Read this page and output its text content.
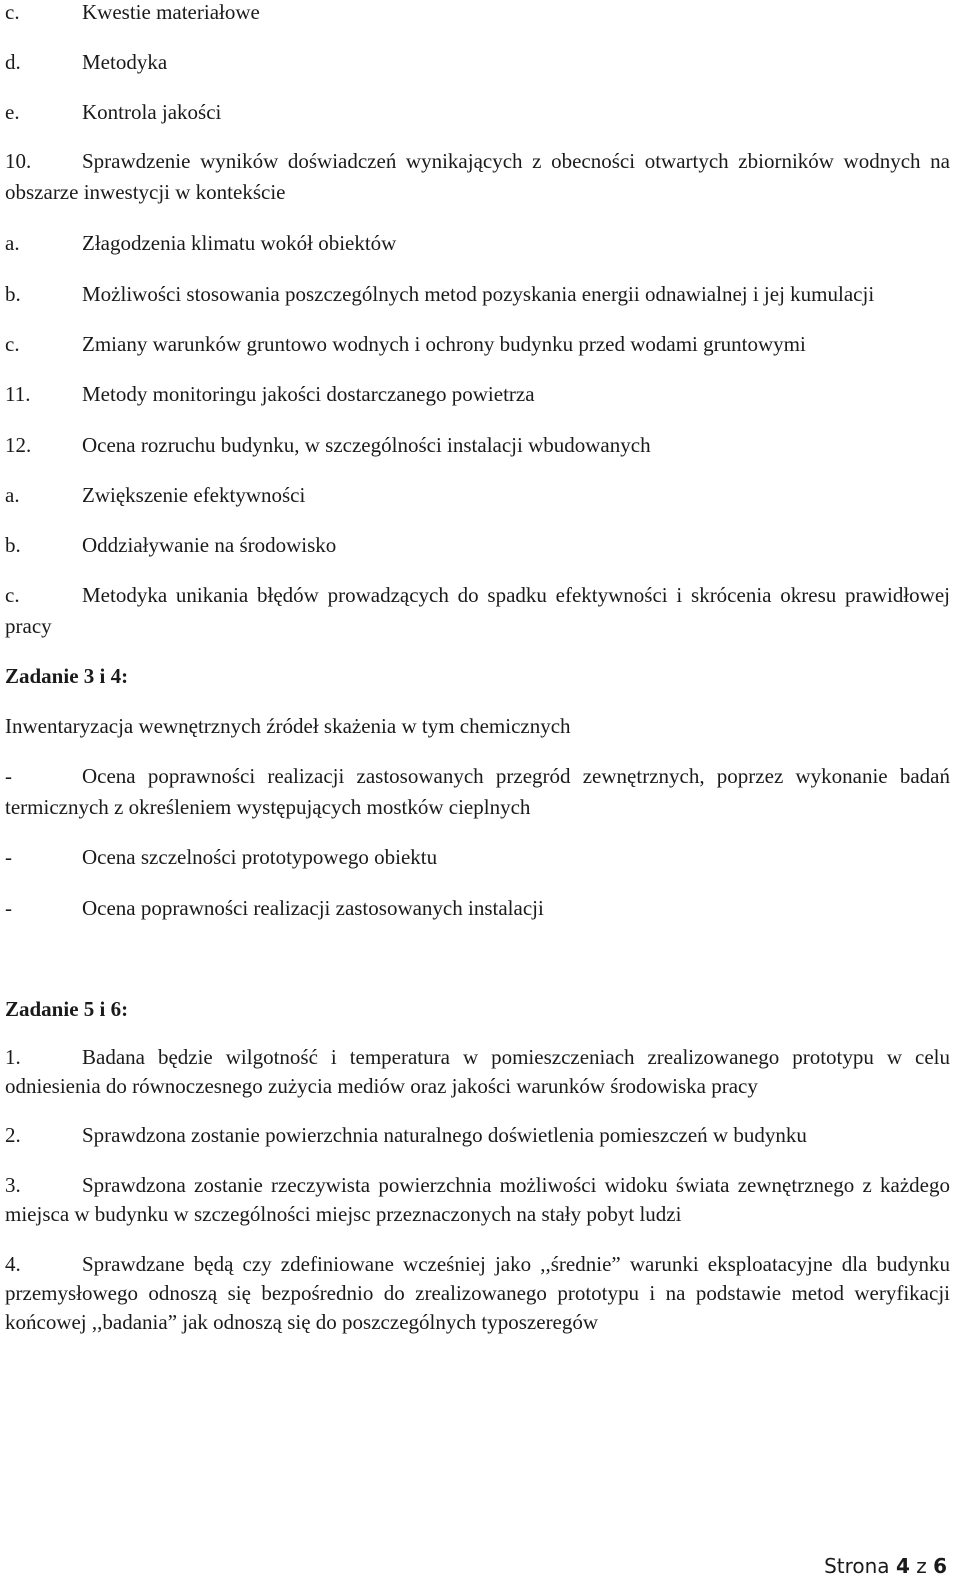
c.	Kwestie materiałowe

d.	Metodyka

e.	Kontrola jakości

10. Sprawdzenie wyników doświadczeń wynikających z obecności otwartych zbiorników wodnych na obszarze inwestycji w kontekście

a.	Złagodzenia klimatu wokół obiektów

b.	Możliwości stosowania poszczególnych metod pozyskania energii odnawialnej i jej kumulacji

c.	Zmiany warunków gruntowo wodnych i ochrony budynku przed wodami gruntowymi

11. Metody monitoringu jakości dostarczanego powietrza

12. Ocena rozruchu budynku, w szczególności instalacji wbudowanych

a.	Zwiększenie efektywności

b.	Oddziaływanie na środowisko

c.	Metodyka unikania błędów prowadzących do spadku efektywności i skrócenia okresu prawidłowej pracy

Zadanie 3 i 4:

Inwentaryzacja wewnętrznych źródeł skażenia w tym chemicznych

-	Ocena poprawności realizacji zastosowanych przegród zewnętrznych, poprzez wykonanie badań termicznych z określeniem występujących mostków cieplnych

-	Ocena szczelności prototypowego obiektu

-	Ocena poprawności realizacji zastosowanych instalacji

Zadanie 5 i 6:

1.	Badana będzie wilgotność i temperatura w pomieszczeniach zrealizowanego prototypu w celu odniesienia do równoczesnego zużycia mediów oraz jakości warunków środowiska pracy

2.	Sprawdzona zostanie powierzchnia naturalnego doświetlenia pomieszczeń w budynku

3.	Sprawdzona zostanie rzeczywista powierzchnia możliwości widoku świata zewnętrznego z każdego miejsca w budynku w szczególności miejsc przeznaczonych na stały pobyt ludzi

4.	Sprawdzane będą czy zdefiniowane wcześniej jako ,,średnie” warunki eksploatacyjne dla budynku przemysłowego odnoszą się bezpośrednio do zrealizowanego prototypu i na podstawie metod weryfikacji końcowej ,,badania” jak odnoszą się do poszczególnych typoszeregów

Strona 4 z 6
